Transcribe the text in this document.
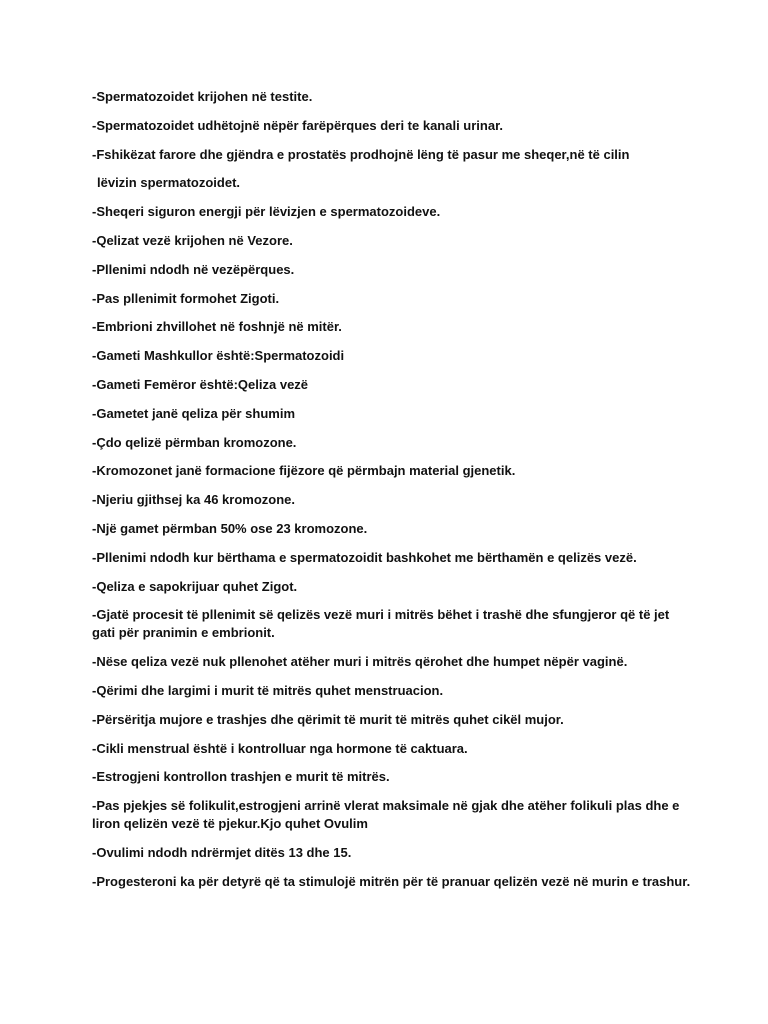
-Spermatozoidet krijohen në testite.

-Spermatozoidet udhëtojnë nëpër farëpërques deri te kanali urinar.

-Fshikëzat farore dhe gjëndra e prostatës prodhojnë lëng të pasur me sheqer,në të cilin

lëvizin spermatozoidet.

-Sheqeri siguron energji për lëvizjen e spermatozoideve.

-Qelizat vezë krijohen në Vezore.

-Pllenimi ndodh në vezëpërques.

-Pas pllenimit formohet Zigoti.

-Embrioni zhvillohet në foshnjë në mitër.

-Gameti Mashkullor është:Spermatozoidi

-Gameti Femëror është:Qeliza vezë

-Gametet janë qeliza për shumim

-Çdo qelizë përmban kromozone.

-Kromozonet janë formacione fijëzore që përmbajn material gjenetik.

-Njeriu gjithsej ka 46 kromozone.

-Një gamet përmban 50% ose 23 kromozone.

-Pllenimi ndodh kur bërthama e spermatozoidit bashkohet me bërthamën e qelizës vezë.

-Qeliza e sapokrijuar quhet Zigot.

-Gjatë procesit të pllenimit së qelizës vezë muri i mitrës bëhet i trashë dhe sfungjeror që të jet gati për pranimin e embrionit.

-Nëse qeliza vezë nuk pllenohet atëher muri i mitrës qërohet dhe humpet nëpër vaginë.

-Qërimi dhe largimi i murit të mitrës quhet menstruacion.

-Përsëritja mujore e trashjes dhe qërimit të murit të mitrës quhet cikël mujor.

-Cikli menstrual është i kontrolluar nga hormone të caktuara.

-Estrogjeni kontrollon trashjen e murit të mitrës.

-Pas pjekjes së folikulit,estrogjeni arrinë vlerat maksimale në gjak dhe atëher folikuli plas dhe e liron qelizën vezë të pjekur.Kjo quhet Ovulim

-Ovulimi ndodh ndrërmjet ditës 13 dhe 15.

-Progesteroni ka për detyrë që ta stimulojë mitrën për të pranuar qelizën vezë në murin e trashur.
